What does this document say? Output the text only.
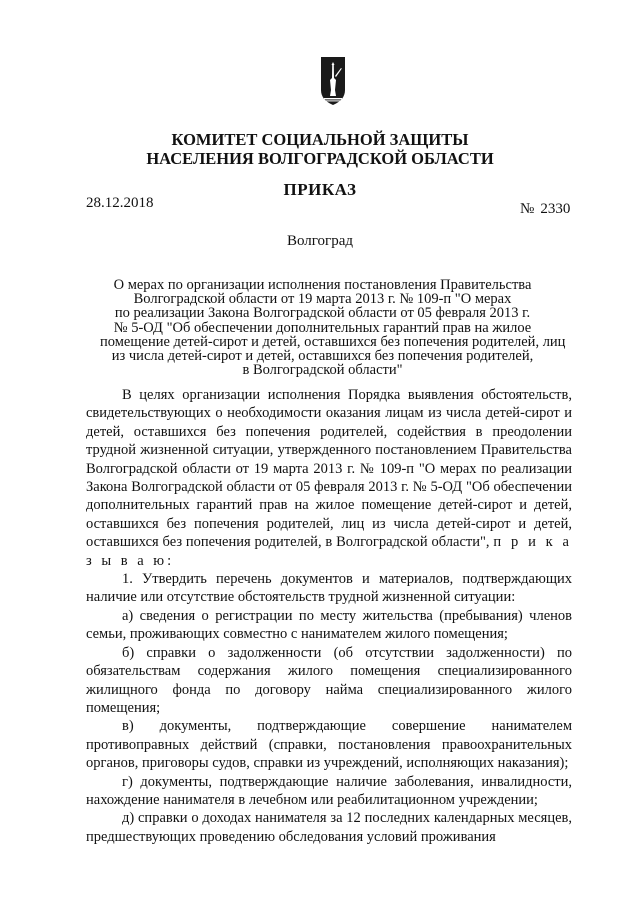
КОМИТЕТ СОЦИАЛЬНОЙ ЗАЩИТЫ
НАСЕЛЕНИЯ ВОЛГОГРАДСКОЙ ОБЛАСТИ
ПРИКАЗ
28.12.2018	№ 2330
Волгоград
О мерах по организации исполнения постановления Правительства
Волгоградской области от 19 марта 2013 г. № 109-п "О мерах
по реализации Закона Волгоградской области от 05 февраля 2013 г.
№ 5-ОД "Об обеспечении дополнительных гарантий прав на жилое
помещение детей-сирот и детей, оставшихся без попечения родителей, лиц
из числа детей-сирот и детей, оставшихся без попечения родителей,
в Волгоградской области"

В целях организации исполнения Порядка выявления обстоятельств, свидетельствующих о необходимости оказания лицам из числа детей-сирот и детей, оставшихся без попечения родителей, содействия в преодолении трудной жизненной ситуации, утвержденного постановлением Правительства Волгоградской области от 19 марта 2013 г. № 109-п "О мерах по реализации Закона Волгоградской области от 05 февраля 2013 г. № 5-ОД "Об обеспечении дополнительных гарантий прав на жилое помещение детей-сирот и детей, оставшихся без попечения родителей, лиц из числа детей-сирот и детей, оставшихся без попечения родителей, в Волгоградской области", п р и к а з ы в а ю:

1. Утвердить перечень документов и материалов, подтверждающих наличие или отсутствие обстоятельств трудной жизненной ситуации:

а) сведения о регистрации по месту жительства (пребывания) членов семьи, проживающих совместно с нанимателем жилого помещения;

б) справки о задолженности (об отсутствии задолженности) по обязательствам содержания жилого помещения специализированного жилищного фонда по договору найма специализированного жилого помещения;

в) документы, подтверждающие совершение нанимателем противоправных действий (справки, постановления правоохранительных органов, приговоры судов, справки из учреждений, исполняющих наказания);

г) документы, подтверждающие наличие заболевания, инвалидности, нахождение нанимателя в лечебном или реабилитационном учреждении;

д) справки о доходах нанимателя за 12 последних календарных месяцев, предшествующих проведению обследования условий проживания
